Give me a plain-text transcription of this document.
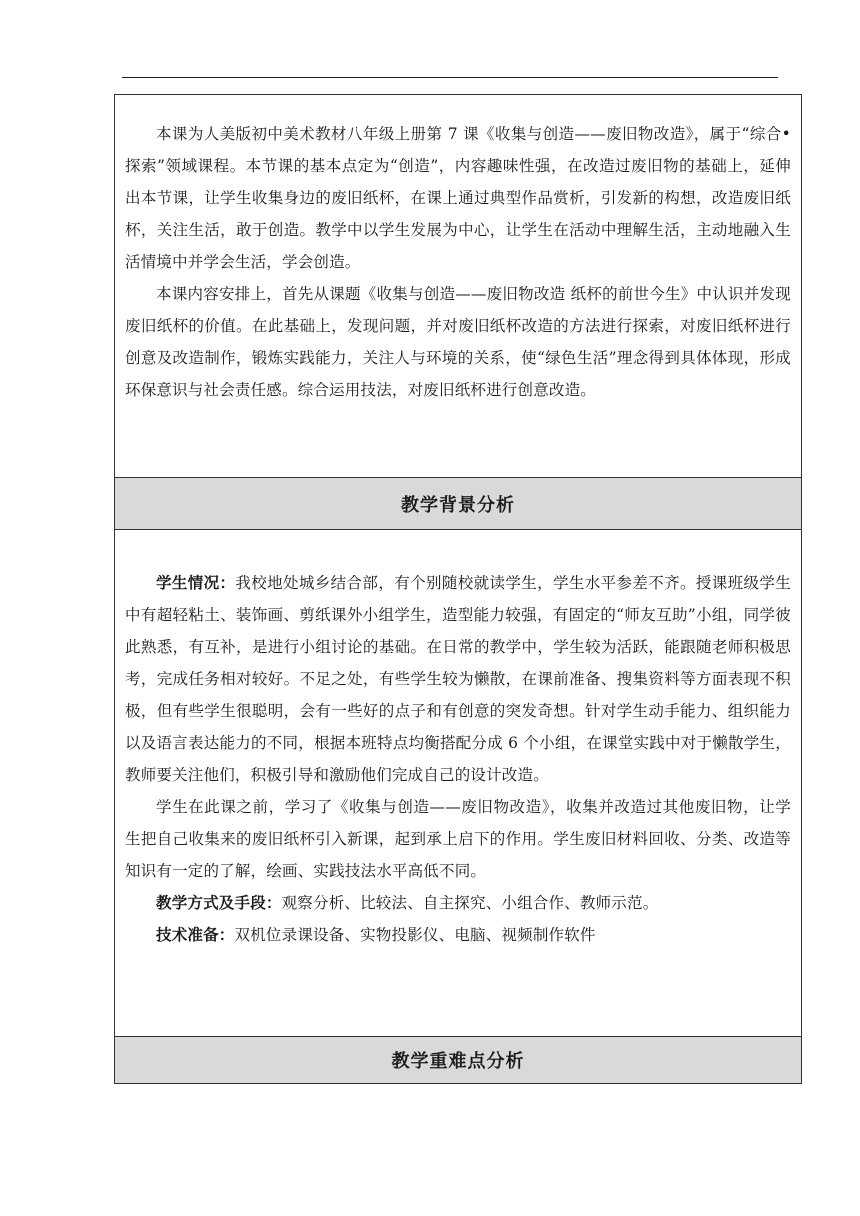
本课为人美版初中美术教材八年级上册第 7 课《收集与创造——废旧物改造》，属于“综合•探索”领域课程。本节课的基本点定为“创造”，内容趣味性强，在改造过废旧物的基础上，延伸出本节课，让学生收集身边的废旧纸杯，在课上通过典型作品赏析，引发新的构想，改造废旧纸杯，关注生活，敢于创造。教学中以学生发展为中心，让学生在活动中理解生活，主动地融入生活情境中并学会生活，学会创造。

本课内容安排上，首先从课题《收集与创造——废旧物改造 纸杯的前世今生》中认识并发现废旧纸杯的价值。在此基础上，发现问题，并对废旧纸杯改造的方法进行探索，对废旧纸杯进行创意及改造制作，锻炼实践能力，关注人与环境的关系，使“绿色生活”理念得到具体体现，形成环保意识与社会责任感。综合运用技法，对废旧纸杯进行创意改造。

教学背景分析

学生情况：我校地处城乡结合部，有个别随校就读学生，学生水平参差不齐。授课班级学生中有超轻粘土、装饰画、剪纸课外小组学生，造型能力较强，有固定的“师友互助”小组，同学彼此熟悉，有互补，是进行小组讨论的基础。在日常的教学中，学生较为活跃，能跟随老师积极思考，完成任务相对较好。不足之处，有些学生较为懒散，在课前准备、搜集资料等方面表现不积极，但有些学生很聪明，会有一些好的点子和有创意的突发奇想。针对学生动手能力、组织能力以及语言表达能力的不同，根据本班特点均衡搭配分成 6 个小组，在课堂实践中对于懒散学生，教师要关注他们，积极引导和激励他们完成自己的设计改造。

学生在此课之前，学习了《收集与创造——废旧物改造》，收集并改造过其他废旧物，让学生把自己收集来的废旧纸杯引入新课，起到承上启下的作用。学生废旧材料回收、分类、改造等知识有一定的了解，绘画、实践技法水平高低不同。

教学方式及手段：观察分析、比较法、自主探究、小组合作、教师示范。

技术准备：双机位录课设备、实物投影仪、电脑、视频制作软件

教学重难点分析
